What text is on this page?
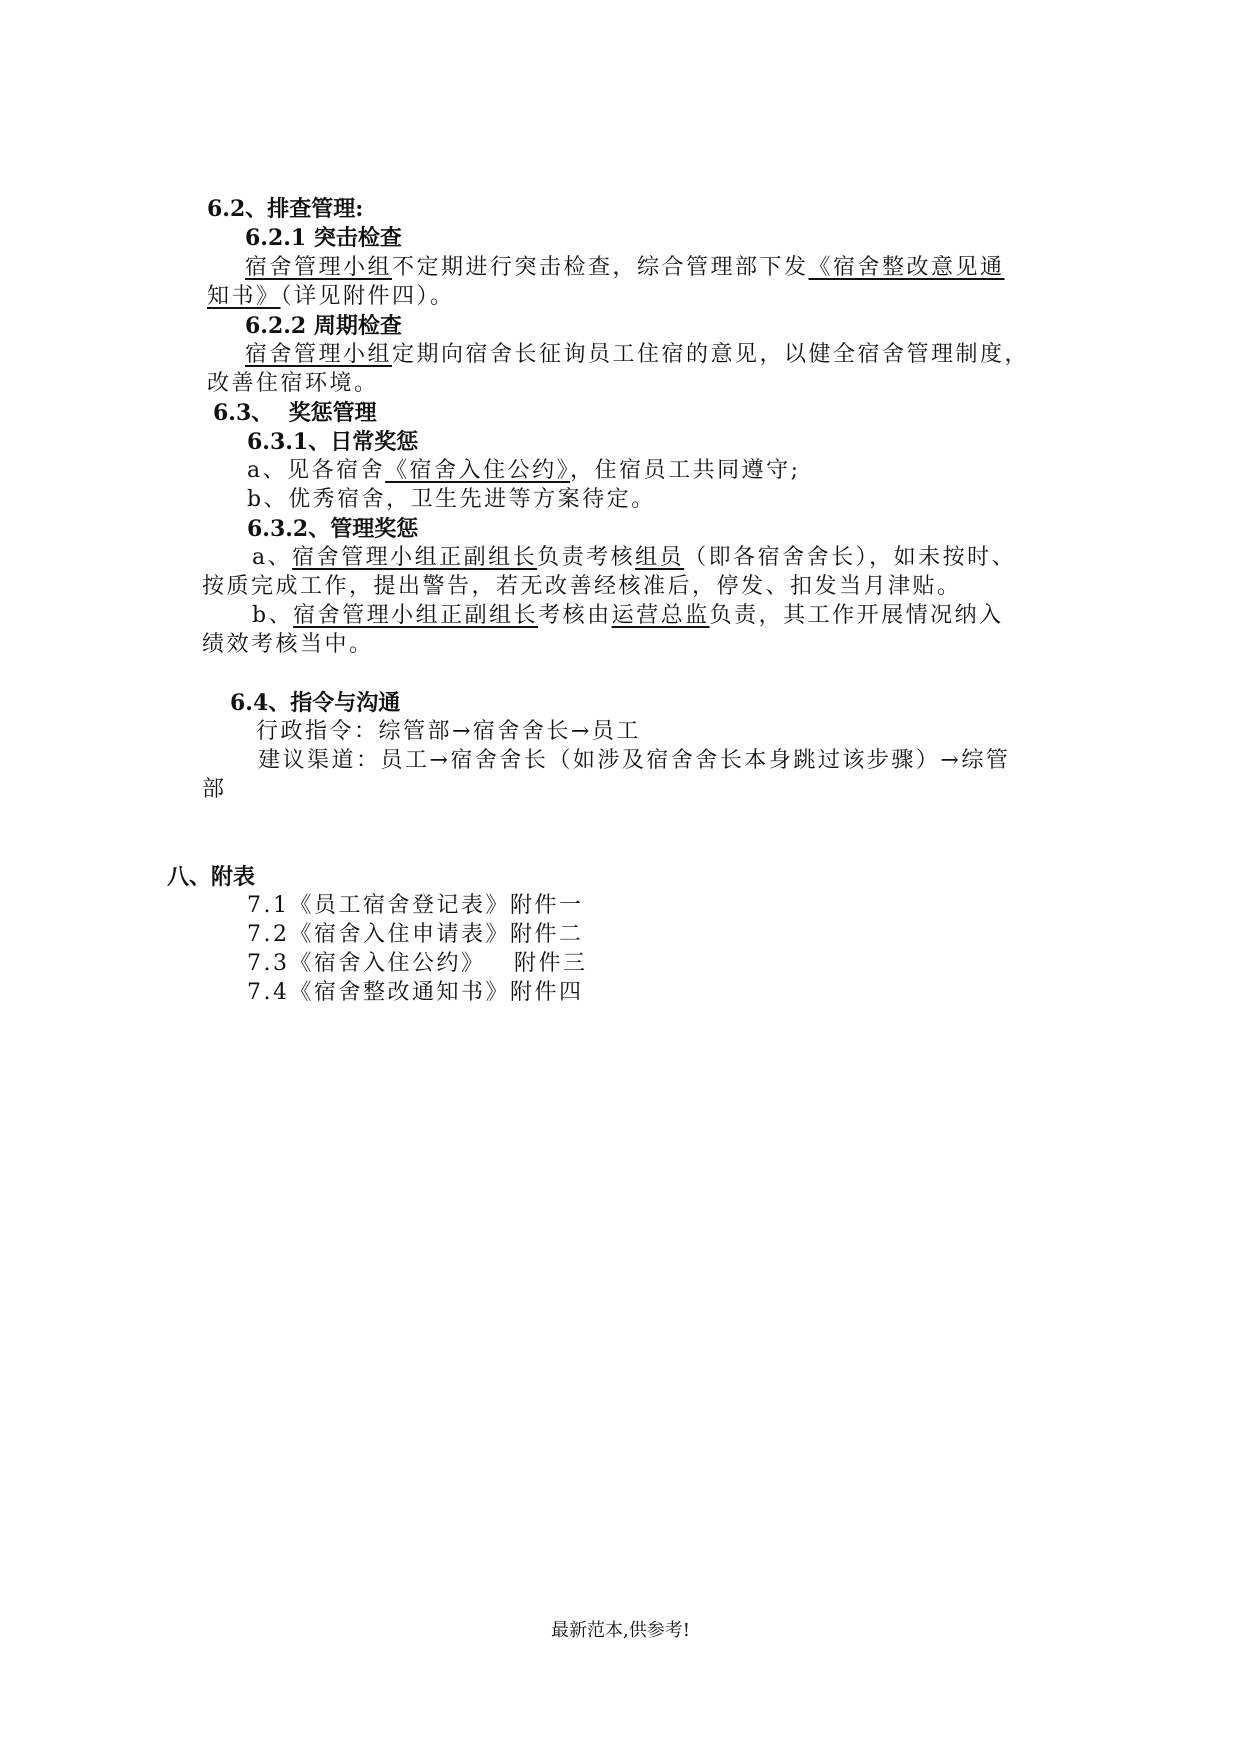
6.2、排查管理:
6.2.1 突击检查
宿舍管理小组不定期进行突击检查，综合管理部下发《宿舍整改意见通
知书》（详见附件四）。
6.2.2 周期检查
宿舍管理小组定期向宿舍长征询员工住宿的意见，以健全宿舍管理制度，
改善住宿环境。
6.3、  奖惩管理
6.3.1、日常奖惩
a、见各宿舍《宿舍入住公约》，住宿员工共同遵守;
b、优秀宿舍，卫生先进等方案待定。
6.3.2、管理奖惩
a、宿舍管理小组正副组长负责考核组员（即各宿舍舍长），如未按时、
按质完成工作，提出警告，若无改善经核准后，停发、扣发当月津贴。
b、宿舍管理小组正副组长考核由运营总监负责，其工作开展情况纳入
绩效考核当中。
6.4、指令与沟通
行政指令：综管部→宿舍舍长→员工
建议渠道：员工→宿舍舍长（如涉及宿舍舍长本身跳过该步骤）→综管
部
八、附表
7.1《员工宿舍登记表》附件一
7.2《宿舍入住申请表》附件二
7.3《宿舍入住公约》   附件三
7.4《宿舍整改通知书》附件四
最新范本,供参考!
